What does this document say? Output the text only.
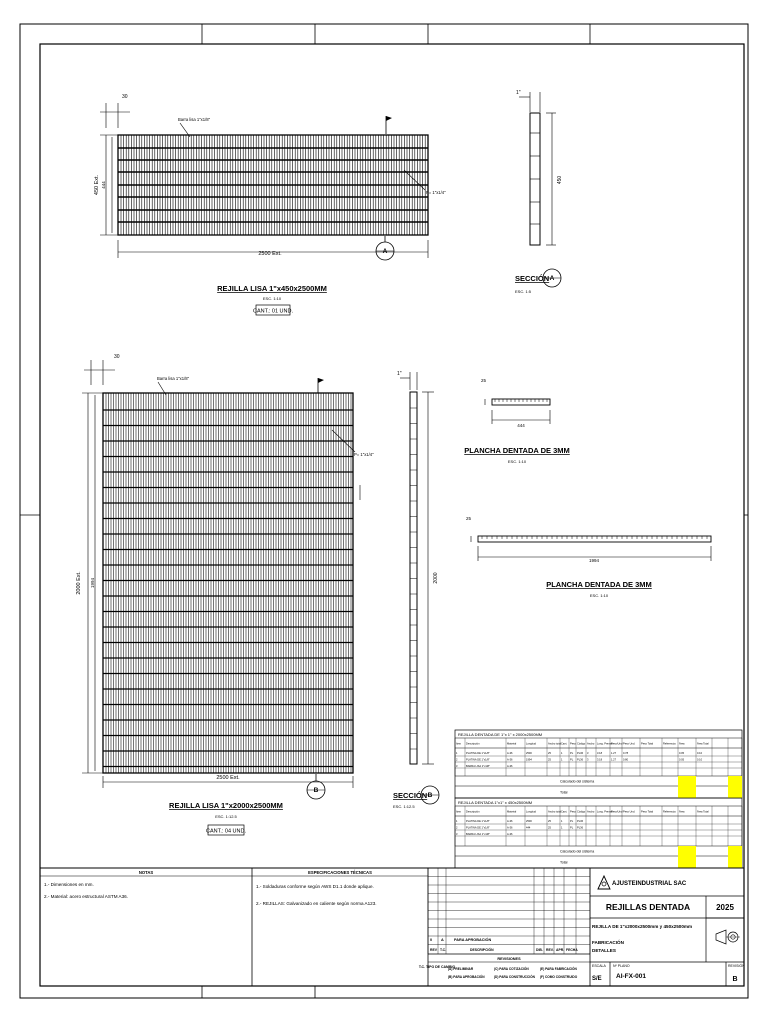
2500 Ext.
450 Ext. 444
30
Barra lisa 1"x1/8"
P= 1"x1/4"
A
REJILLA LISA 1"x450x2500MM
ESC. 1:10
CANT.: 01 UND.
450
1"
SECCIÓN A
ESC. 1:5
2500 Ext.
2000 Ext. 1994
30
Barra lisa 1"x1/8"
P= 1"x1/4"
B
REJILLA LISA 1"x2000x2500MM
ESC. 1:12.5
CANT.: 04 UND.
2000
1"
SECCIÓN B
ESC. 1:12.5
444
25
PLANCHA DENTADA DE 3MM
ESC. 1:10
1994
25
PLANCHA DENTADA DE 3MM
ESC. 1:10
REJILLA DENTADA DE 1"x 1" x 2000x2500MM
Item Descripción	Material	Longitud	Ancho total Cant. Peso Código Ancho Long. Prensa
Peso/Und Peso Und. Peso Total	Referencia Área	Área Total
1	PLATINA DE 1"x1/8"	A-36	2500	25	1	PL PL36 3	3.18	1.27	0.78	0.05	0.10
2	PLATINA DE 1"x1/8"	A-36	1994	25	1	PL PL36 3	3.18	1.27	0.80	0.05	0.10
3	BARRA LISA 1"x1/8"	A-36
Calculado del sistema
Total
REJILLA DENTADA 1"x1" x 450x2500MM
Item Descripción	Material	Longitud	Ancho total Cant. Peso Código Ancho Long. Prensa
Peso/Und Peso Und. Peso Total	Referencia Área	Área Total
1	PLATINA DE 1"x1/8"	A-36	2500	25	1	PL PL36
2	PLATINA DE 1"x1/8"	A-36	444	25	1	PL PL36
3	BARRA LISA 1"x1/8"	A-36
Calculado del sistema
Total
NOTAS
1.- Dimensiones en mm.
2.- Material: acero estructural ASTM A36.
ESPECIFICACIONES TÉCNICAS
1.- Soldaduras conforme según AWS D1.1 donde aplique.
2.- REJILLAS: Galvanizado en caliente según norma A123.
REV T.C.	DESCRIPCIÓN	DIB. REV. APR. FECHA
PARA APROBACIÓN
0 A
REVISIONES
T.C. TIPO DE CAMBIO
(A) PRELIMINAR
(B) PARA APROBACIÓN
(C) PARA COTIZACIÓN
(D) PARA CONSTRUCCIÓN
(E) PARA FABRICACIÓN
(F) COMO CONSTRUIDO
AJUSTEINDUSTRIAL SAC
REJILLAS DENTADA	2025
REJILLA DE 1"x2000x2500mm y 450x2500mm
FABRICACIÓN
DETALLES
ESCALA
S/E
Nº PLANO
AI-FX-001
REVISIÓN
B
